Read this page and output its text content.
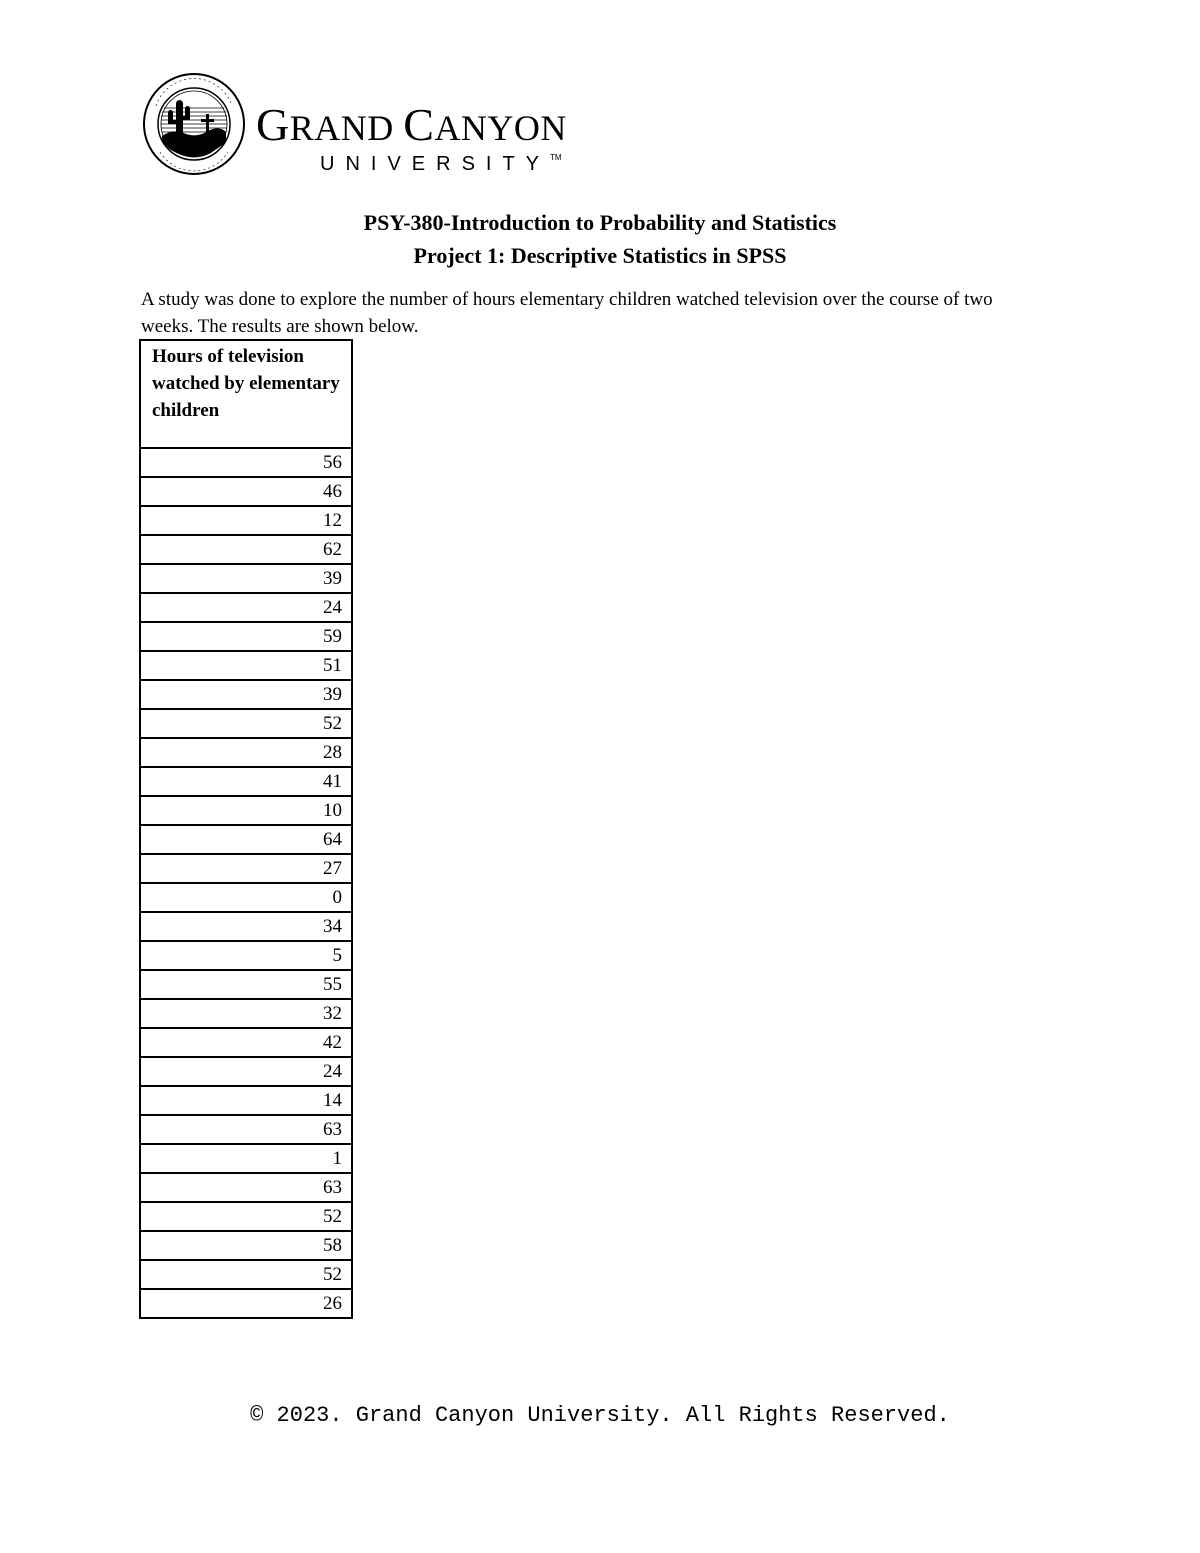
GRAND CANYON
UNIVERSITY™
PSY-380-Introduction to Probability and Statistics
Project 1: Descriptive Statistics in SPSS
A study was done to explore the number of hours elementary children watched television over the course of two weeks. The results are shown below.
Hours of television watched by elementary children
56
46
12
62
39
24
59
51
39
52
28
41
10
64
27
0
34
5
55
32
42
24
14
63
1
63
52
58
52
26
© 2023. Grand Canyon University. All Rights Reserved.
